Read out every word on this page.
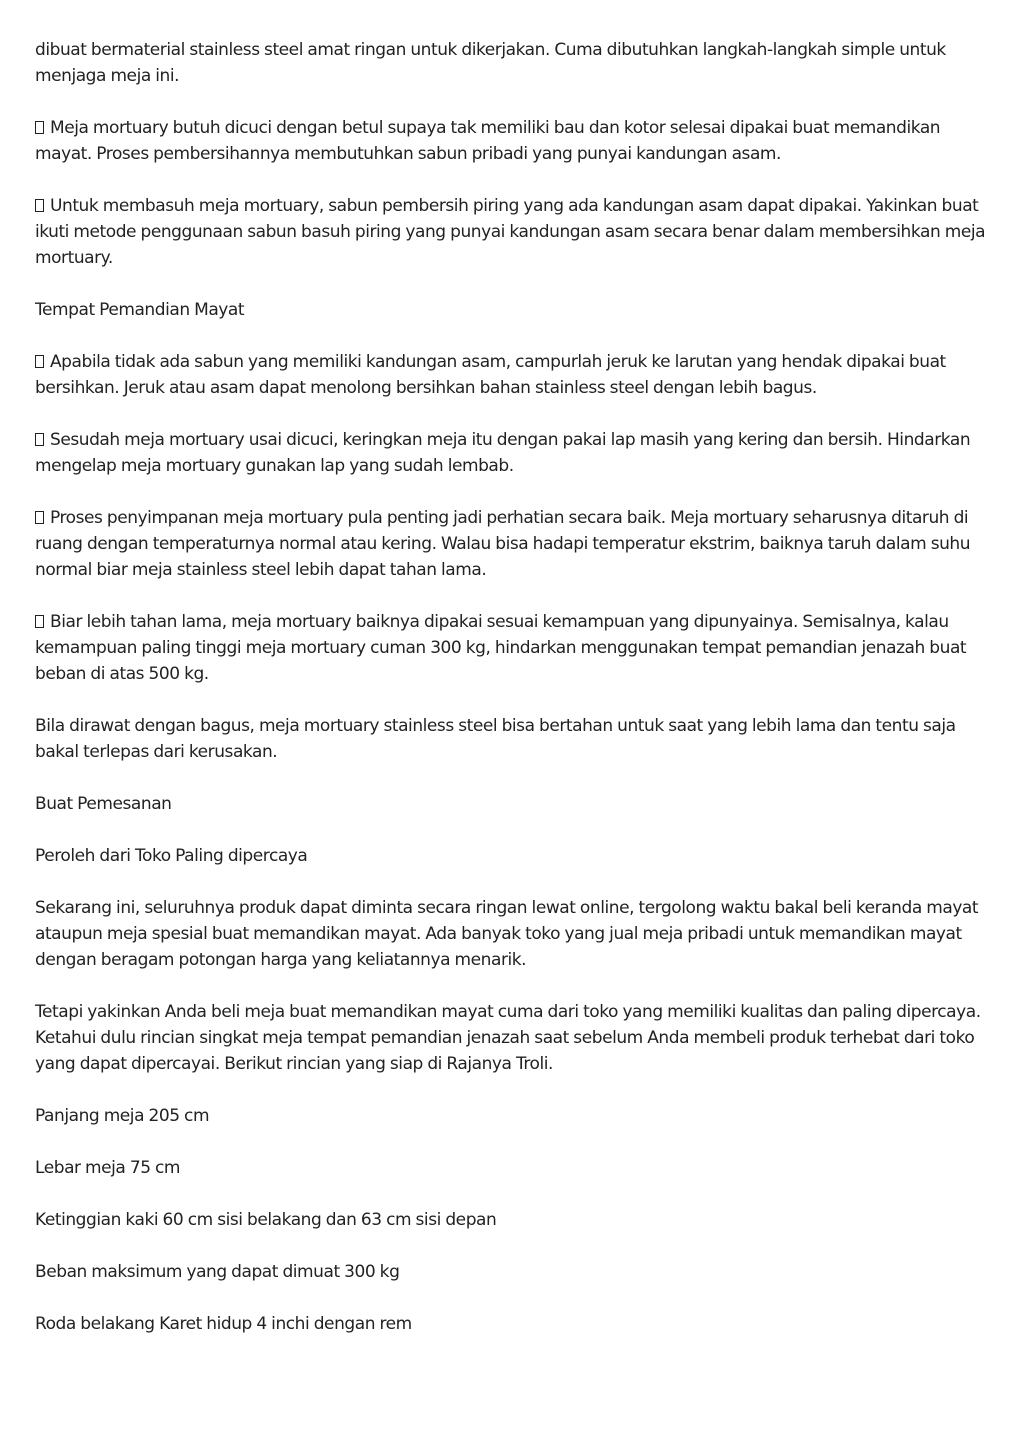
dibuat bermaterial stainless steel amat ringan untuk dikerjakan. Cuma dibutuhkan langkah-langkah simple untuk menjaga meja ini.

Meja mortuary butuh dicuci dengan betul supaya tak memiliki bau dan kotor selesai dipakai buat memandikan mayat. Proses pembersihannya membutuhkan sabun pribadi yang punyai kandungan asam.

Untuk membasuh meja mortuary, sabun pembersih piring yang ada kandungan asam dapat dipakai. Yakinkan buat ikuti metode penggunaan sabun basuh piring yang punyai kandungan asam secara benar dalam membersihkan meja mortuary.

Tempat Pemandian Mayat

Apabila tidak ada sabun yang memiliki kandungan asam, campurlah jeruk ke larutan yang hendak dipakai buat bersihkan. Jeruk atau asam dapat menolong bersihkan bahan stainless steel dengan lebih bagus.

Sesudah meja mortuary usai dicuci, keringkan meja itu dengan pakai lap masih yang kering dan bersih. Hindarkan mengelap meja mortuary gunakan lap yang sudah lembab.

Proses penyimpanan meja mortuary pula penting jadi perhatian secara baik. Meja mortuary seharusnya ditaruh di ruang dengan temperaturnya normal atau kering. Walau bisa hadapi temperatur ekstrim, baiknya taruh dalam suhu normal biar meja stainless steel lebih dapat tahan lama.

Biar lebih tahan lama, meja mortuary baiknya dipakai sesuai kemampuan yang dipunyainya. Semisalnya, kalau kemampuan paling tinggi meja mortuary cuman 300 kg, hindarkan menggunakan tempat pemandian jenazah buat beban di atas 500 kg.

Bila dirawat dengan bagus, meja mortuary stainless steel bisa bertahan untuk saat yang lebih lama dan tentu saja bakal terlepas dari kerusakan.

Buat Pemesanan

Peroleh dari Toko Paling dipercaya

Sekarang ini, seluruhnya produk dapat diminta secara ringan lewat online, tergolong waktu bakal beli keranda mayat ataupun meja spesial buat memandikan mayat. Ada banyak toko yang jual meja pribadi untuk memandikan mayat dengan beragam potongan harga yang keliatannya menarik.

Tetapi yakinkan Anda beli meja buat memandikan mayat cuma dari toko yang memiliki kualitas dan paling dipercaya. Ketahui dulu rincian singkat meja tempat pemandian jenazah saat sebelum Anda membeli produk terhebat dari toko yang dapat dipercayai. Berikut rincian yang siap di Rajanya Troli.

Panjang meja 205 cm

Lebar meja 75 cm

Ketinggian kaki 60 cm sisi belakang dan 63 cm sisi depan

Beban maksimum yang dapat dimuat 300 kg

Roda belakang Karet hidup 4 inchi dengan rem
